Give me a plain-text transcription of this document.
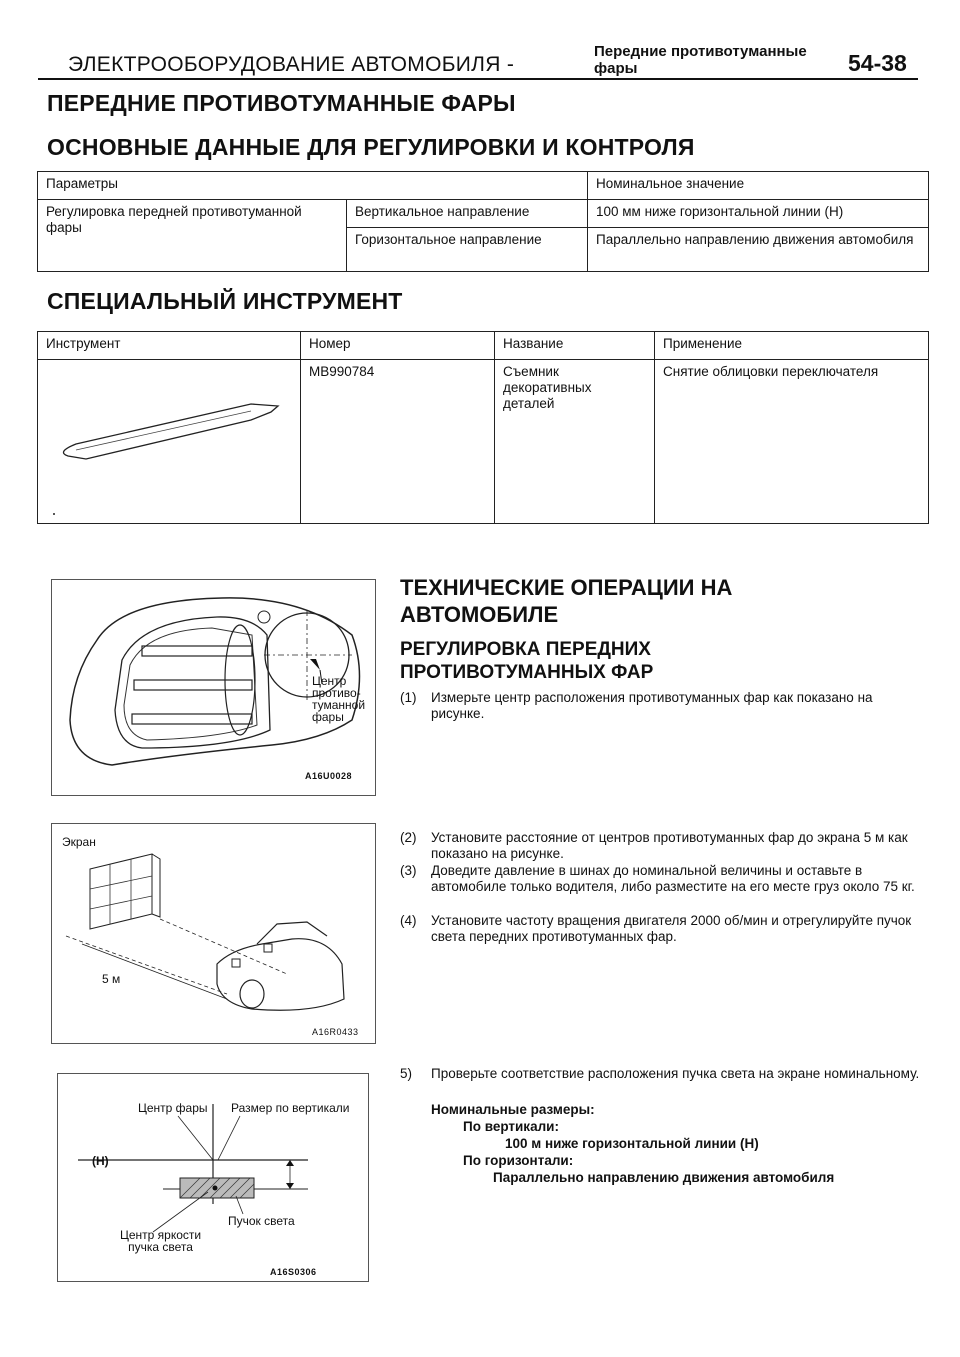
ЭЛЕКТРООБОРУДОВАНИЕ АВТОМОБИЛЯ -
Передние противотуманные фары	54-38
ПЕРЕДНИЕ ПРОТИВОТУМАННЫЕ ФАРЫ
ОСНОВНЫЕ ДАННЫЕ ДЛЯ РЕГУЛИРОВКИ И КОНТРОЛЯ
Параметры		Номинальное значение
Регулировка передней противотуманной фары	Вертикальное направление	100 мм ниже горизонтальной линии (Н)
	Горизонтальное направление	Параллельно направлению движения автомобиля
СПЕЦИАЛЬНЫЙ ИНСТРУМЕНТ
Инструмент	Номер	Название	Применение

	MB990784	Съемник декоративных деталей	Снятие облицовки переключателя
Центр
противо-
туманной
фары
A16U0028
ТЕХНИЧЕСКИЕ ОПЕРАЦИИ НА АВТОМОБИЛЕ
РЕГУЛИРОВКА ПЕРЕДНИХ ПРОТИВОТУМАННЫХ ФАР
(1) Измерьте центр расположения противотуманных фар как показано на рисунке.
Экран
5 м
A16R0433
(2) Установите расстояние от центров противотуманных фар до экрана 5 м как показано на рисунке.
(3) Доведите давление в шинах до номинальной величины и оставьте в автомобиле только водителя, либо разместите на его месте груз около 75 кг.
(4) Установите частоту вращения двигателя 2000 об/мин и отрегулируйте пучок света передних противотуманных фар.
Центр фары Размер по вертикали
(H)
Пучок света
Центр яркости
пучка света
A16S0306
5) Проверьте соответствие расположения пучка света на экране номинальному.
Номинальные размеры:
По вертикали:
100 м ниже горизонтальной линии (Н)
По горизонтали:
Параллельно направлению движения автомобиля
